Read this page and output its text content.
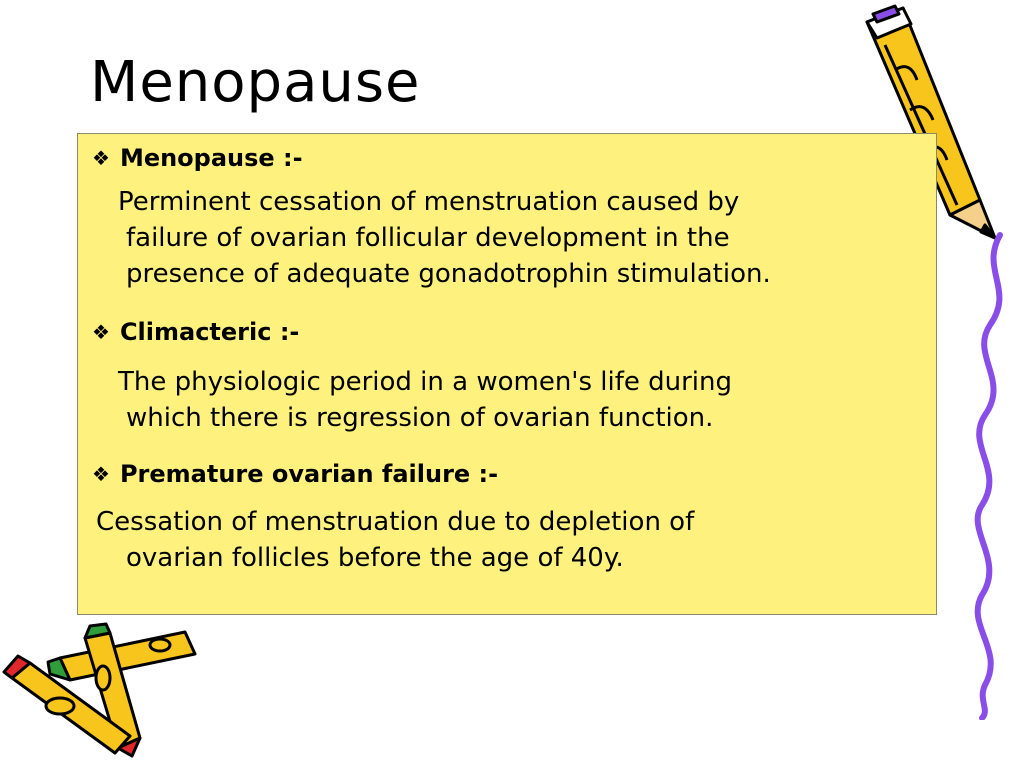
Menopause
❖ Menopause :-
Perminent cessation of menstruation caused by
failure of ovarian follicular development in the
presence of adequate gonadotrophin stimulation.
❖ Climacteric :-
The physiologic period in a women's life during
which there is regression of ovarian function.
❖ Premature ovarian failure :-
Cessation of menstruation due to depletion of
ovarian follicles before the age of 40y.
